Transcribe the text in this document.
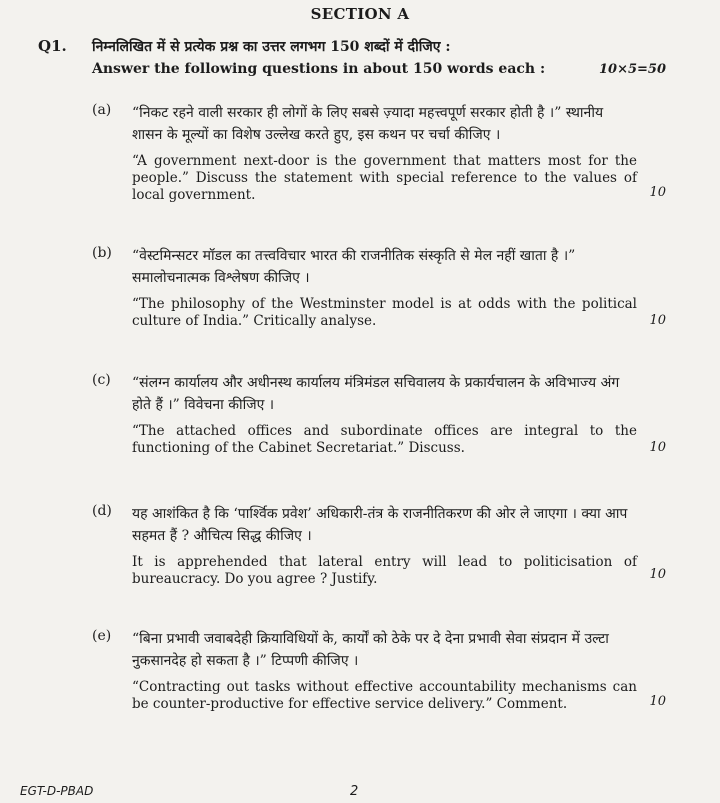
SECTION A
Q1. निम्नलिखित में से प्रत्येक प्रश्न का उत्तर लगभग 150 शब्दों में दीजिए :
Answer the following questions in about 150 words each :	10×5=50
(a) “निकट रहने वाली सरकार ही लोगों के लिए सबसे ज़्यादा महत्त्वपूर्ण सरकार होती है ।” स्थानीय शासन के मूल्यों का विशेष उल्लेख करते हुए, इस कथन पर चर्चा कीजिए ।

“A government next-door is the government that matters most for the people.” Discuss the statement with special reference to the values of local government.	10
(b) “वेस्टमिन्सटर मॉडल का तत्त्वविचार भारत की राजनीतिक संस्कृति से मेल नहीं खाता है ।” समालोचनात्मक विश्लेषण कीजिए ।

“The philosophy of the Westminster model is at odds with the political culture of India.” Critically analyse.	10
(c) “संलग्न कार्यालय और अधीनस्थ कार्यालय मंत्रिमंडल सचिवालय के प्रकार्यचालन के अविभाज्य अंग होते हैं ।” विवेचना कीजिए ।

“The attached offices and subordinate offices are integral to the functioning of the Cabinet Secretariat.” Discuss.	10
(d) यह आशंकित है कि ‘पार्श्विक प्रवेश’ अधिकारी-तंत्र के राजनीतिकरण की ओर ले जाएगा । क्या आप सहमत हैं ? औचित्य सिद्ध कीजिए ।

It is apprehended that lateral entry will lead to politicisation of bureaucracy. Do you agree ? Justify.	10
(e) “बिना प्रभावी जवाबदेही क्रियाविधियों के, कार्यों को ठेके पर दे देना प्रभावी सेवा संप्रदान में उल्टा नुकसानदेह हो सकता है ।” टिप्पणी कीजिए ।

“Contracting out tasks without effective accountability mechanisms can be counter-productive for effective service delivery.” Comment.	10
EGT-D-PBAD	2
